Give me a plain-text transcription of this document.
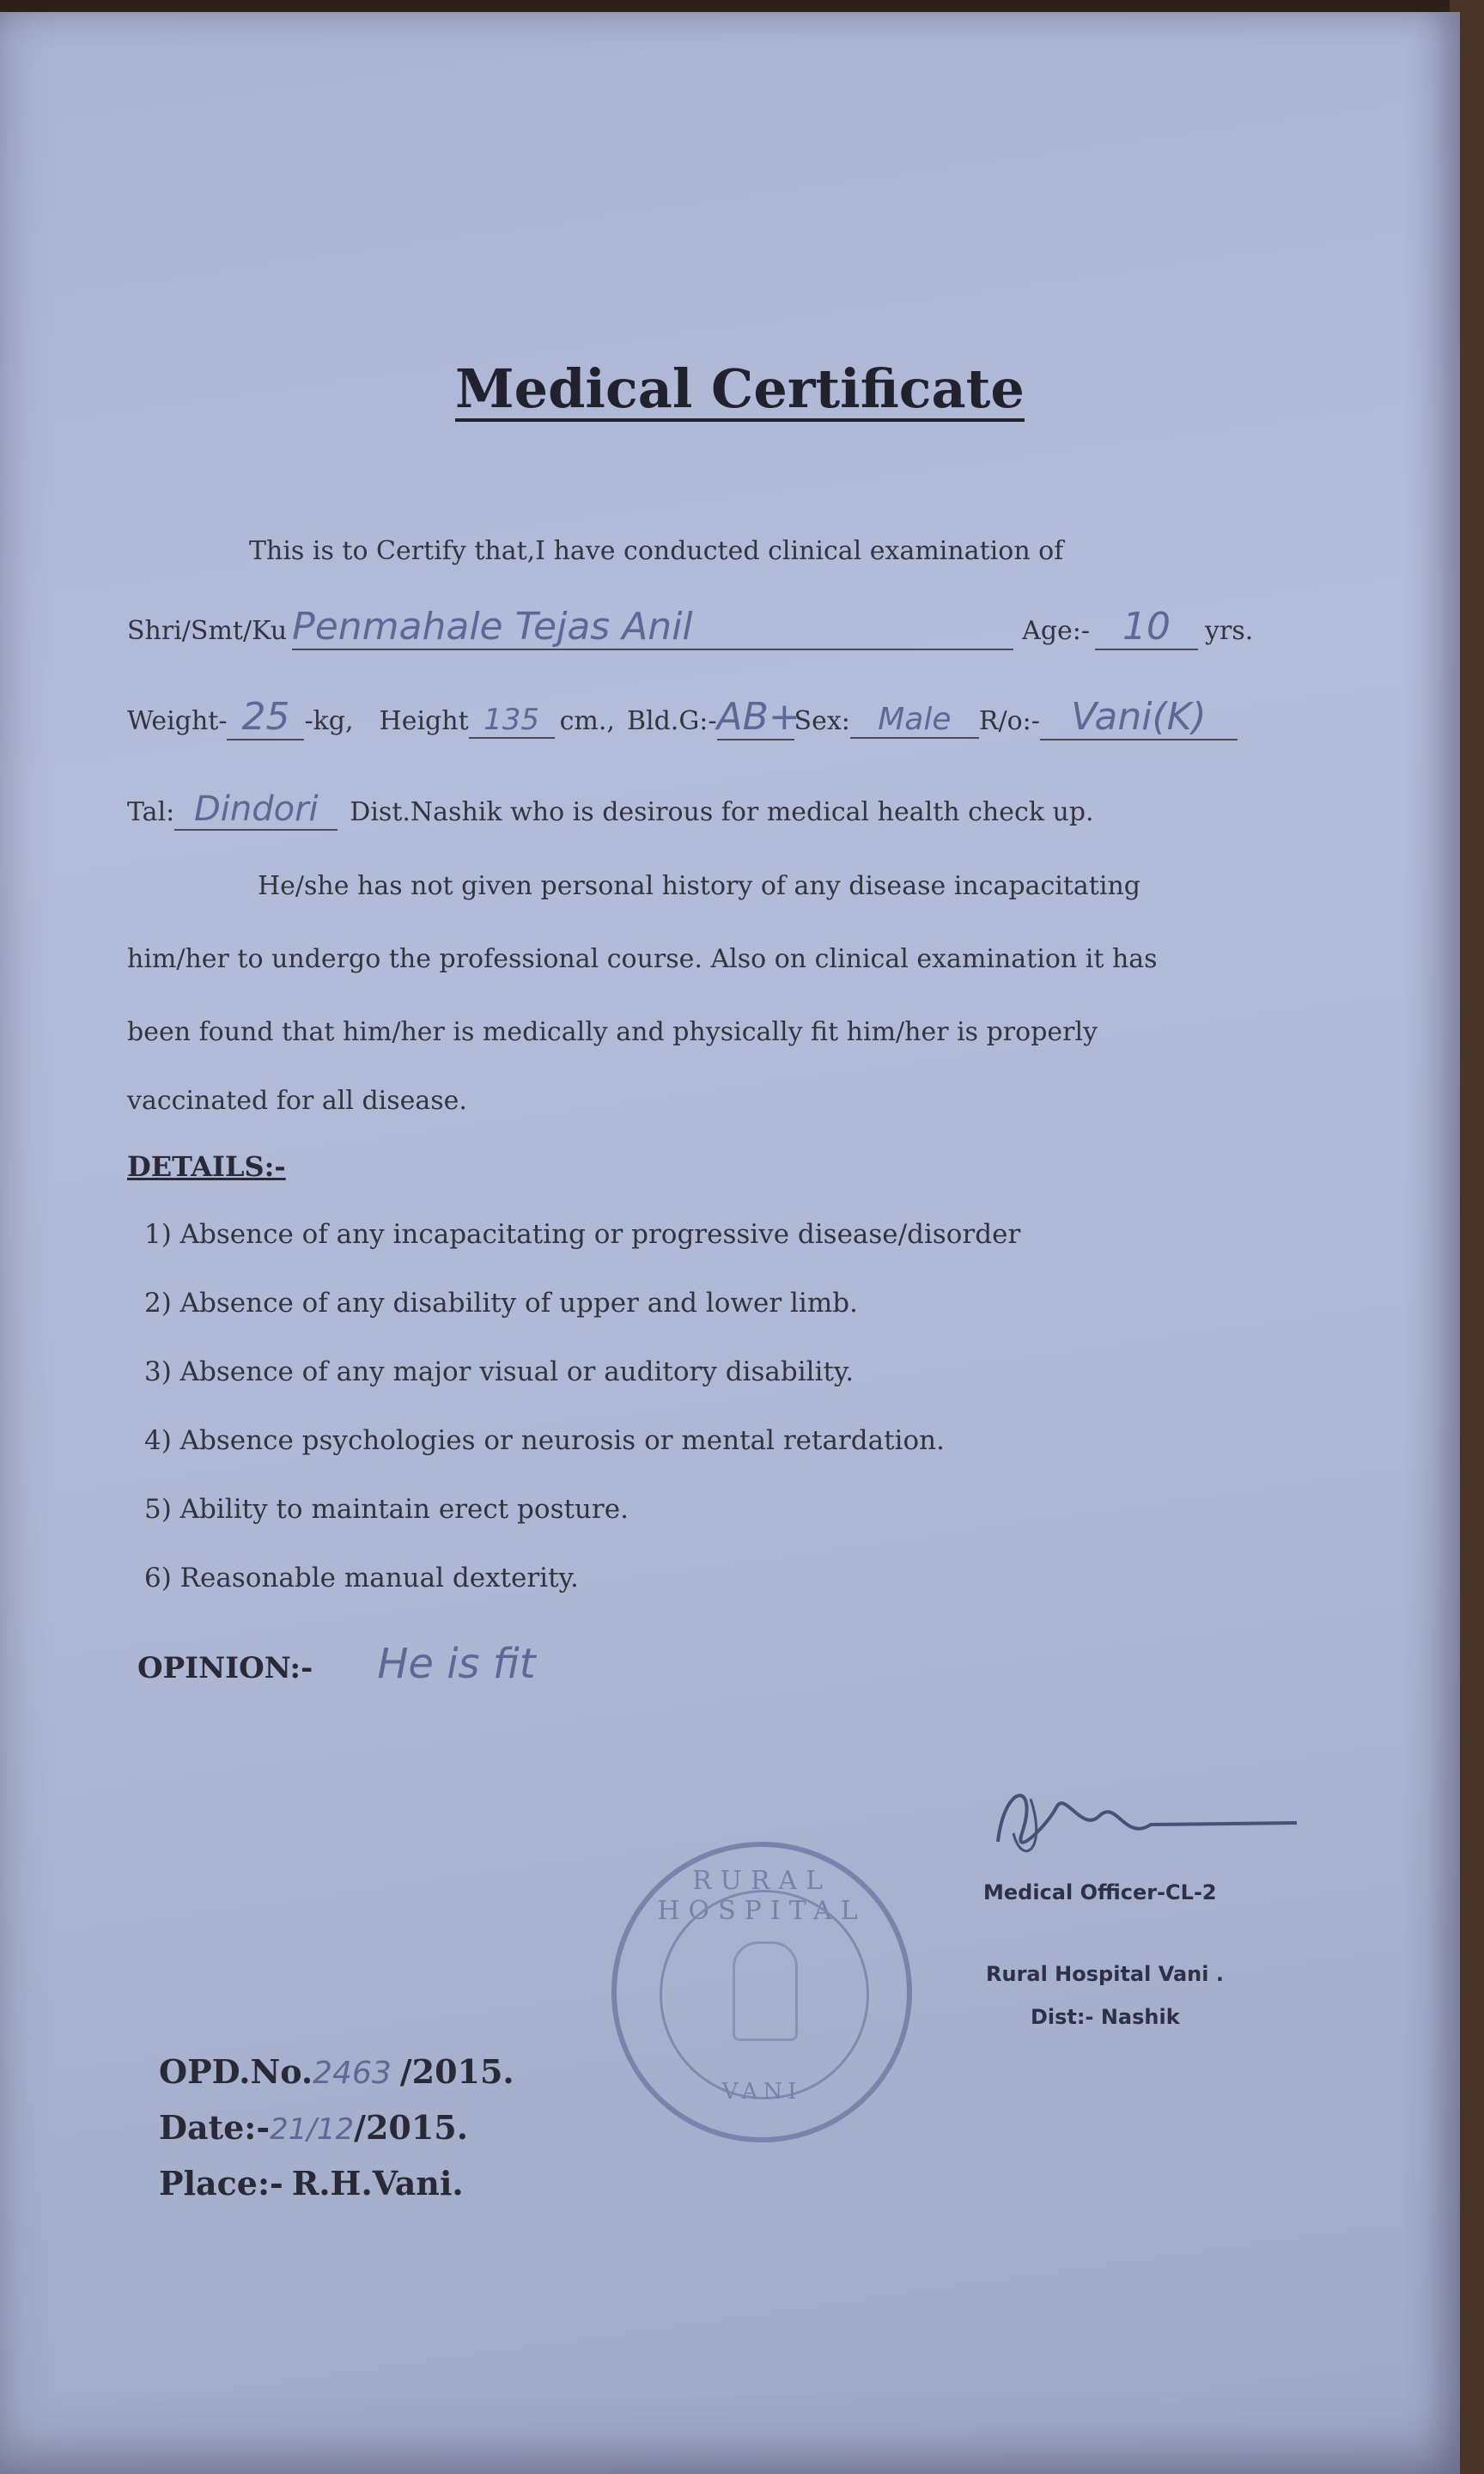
Medical Certificate
This is to Certify that,I have conducted clinical examination of
Shri/Smt/Ku Penmahale Tejas Anil	Age:- 10 yrs.
Weight- 25 -kg, Height 135 cm., Bld.G:-AB+Sex: Male R/o:- Vani(K)
Tal: Dindori Dist.Nashik who is desirous for medical health check up.
He/she has not given personal history of any disease incapacitating
him/her to undergo the professional course. Also on clinical examination it has
been found that him/her is medically and physically fit him/her is properly
vaccinated for all disease.
DETAILS:-
1) Absence of any incapacitating or progressive disease/disorder
2) Absence of any disability of upper and lower limb.
3) Absence of any major visual or auditory disability.
4) Absence psychologies or neurosis or mental retardation.
5) Ability to maintain erect posture.
6) Reasonable manual dexterity.
OPINION:- He is fit
Medical Officer-CL-2
Rural Hospital Vani .
Dist:- Nashik
RURAL HOSPITAL
VANI
OPD.No.2463 /2015.
Date:-21/12/2015.
Place:- R.H.Vani.
